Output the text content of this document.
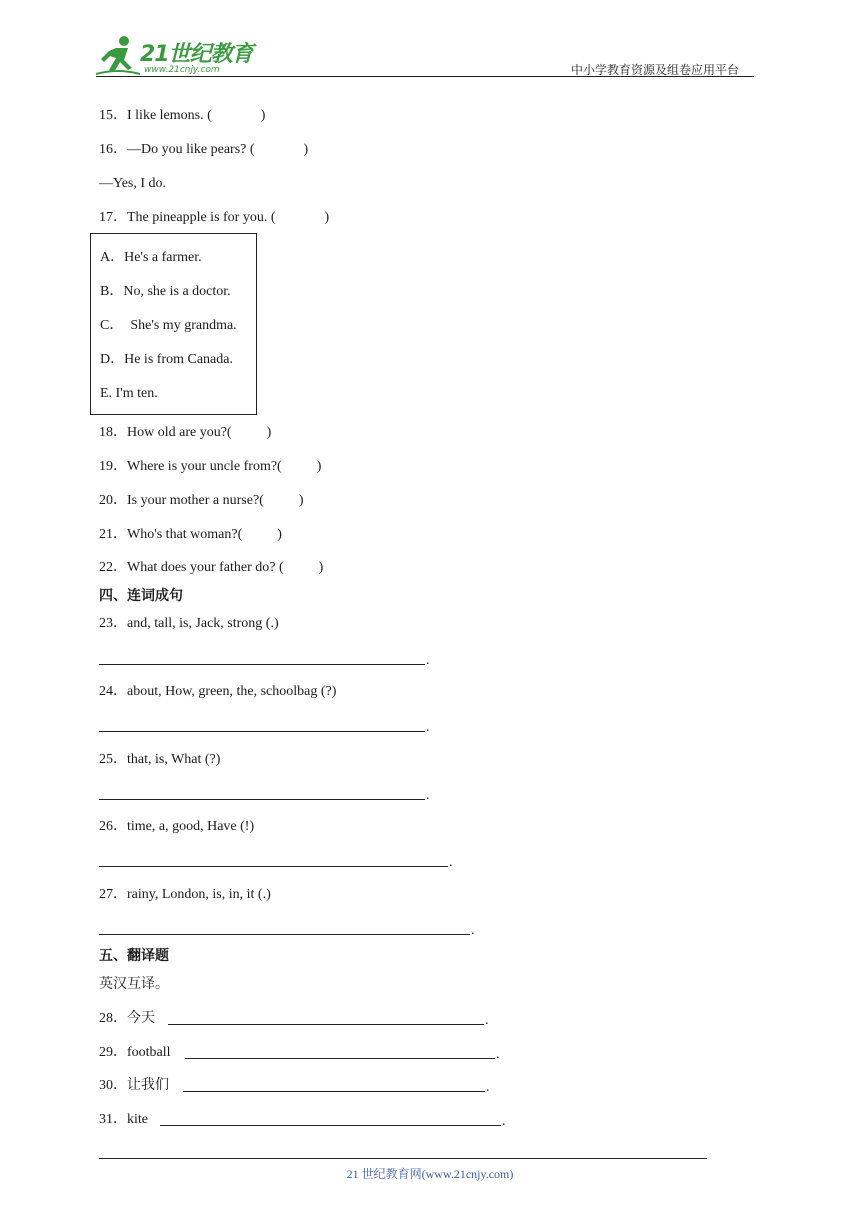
21世纪教育
www.21cnjy.com	中小学教育资源及组卷应用平台
15．I like lemons. (              )
16．—Do you like pears? (              )
—Yes, I do.
17．The pineapple is for you. (              )
A．He's a farmer.
B．No, she is a doctor.
C．  She's my grandma.
D．He is from Canada.
E. I'm ten.
18．How old are you?(          )
19．Where is your uncle from?(          )
20．Is your mother a nurse?(          )
21．Who's that woman?(          )
22．What does your father do? (          )
四、连词成句
23．and, tall, is, Jack, strong (.)
.
24．about, How, green, the, schoolbag (?)
.
25．that, is, What (?)
.
26．time, a, good, Have (!)
.
27．rainy, London, is, in, it (.)
.
五、翻译题
英汉互译。
28．今天	.
29．football	.
30．让我们	.
31．kite	.
21 世纪教育网(www.21cnjy.com)
